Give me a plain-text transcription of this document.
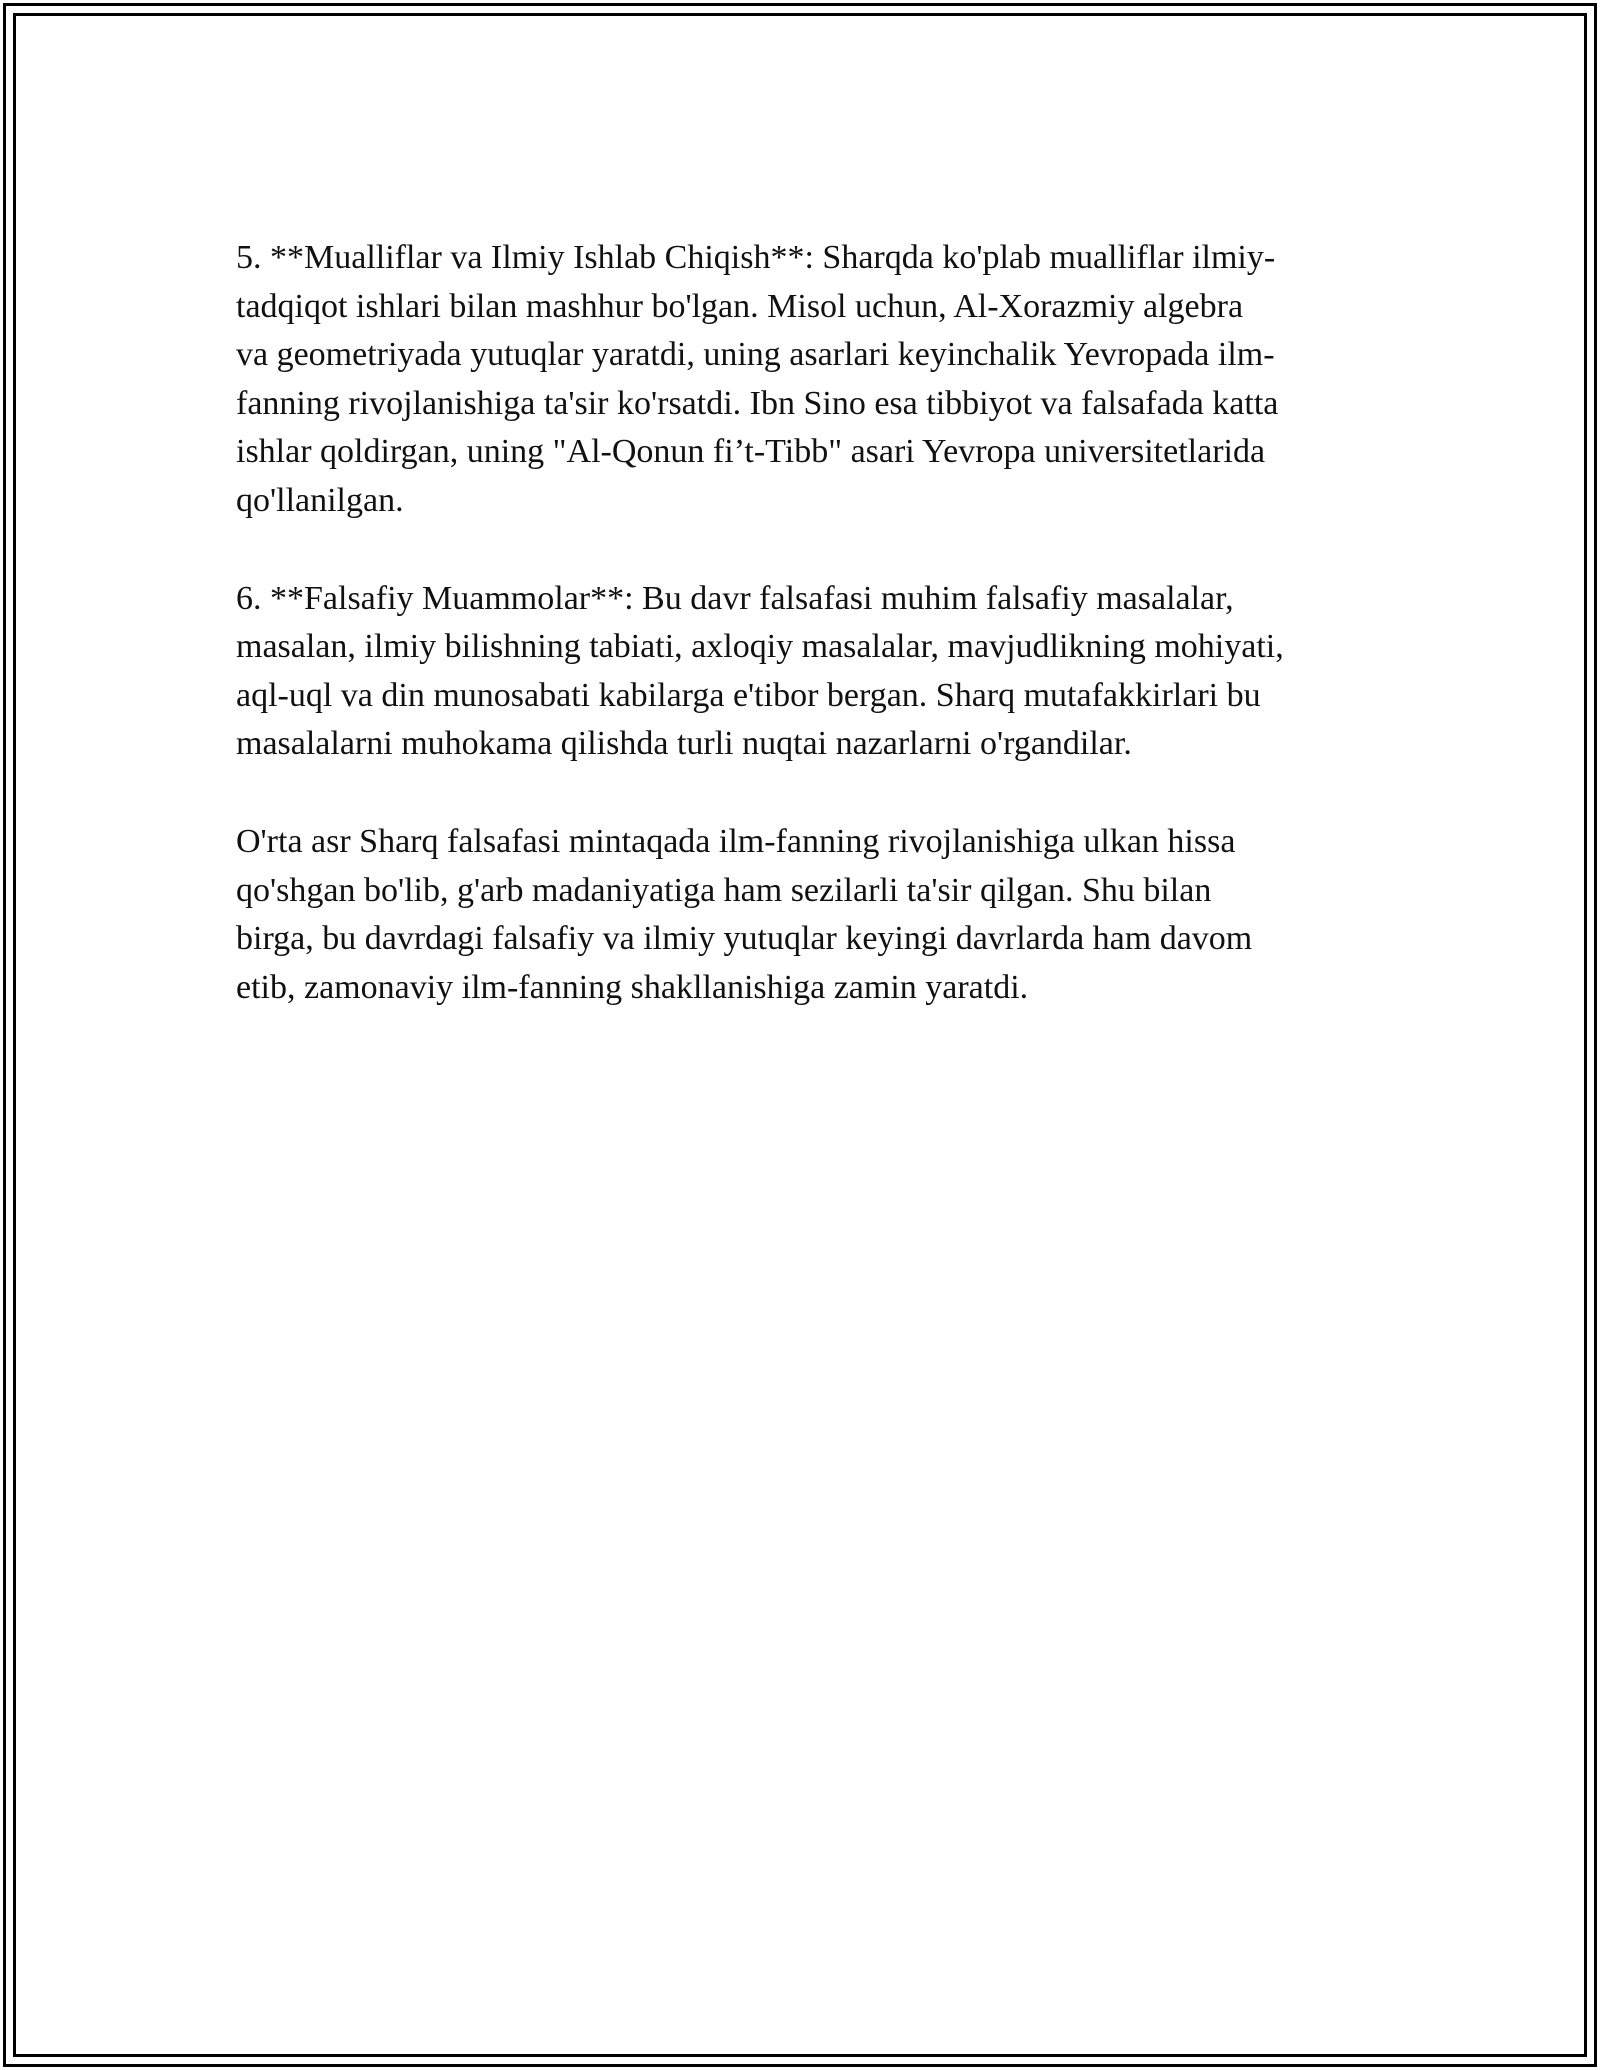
5. **Mualliflar va Ilmiy Ishlab Chiqish**: Sharqda ko'plab mualliflar ilmiy-
tadqiqot ishlari bilan mashhur bo'lgan. Misol uchun, Al-Xorazmiy algebra
va geometriyada yutuqlar yaratdi, uning asarlari keyinchalik Yevropada ilm-
fanning rivojlanishiga ta'sir ko'rsatdi. Ibn Sino esa tibbiyot va falsafada katta
ishlar qoldirgan, uning "Al-Qonun fi’t-Tibb" asari Yevropa universitetlarida
qo'llanilgan.

6. **Falsafiy Muammolar**: Bu davr falsafasi muhim falsafiy masalalar,
masalan, ilmiy bilishning tabiati, axloqiy masalalar, mavjudlikning mohiyati,
aql-uql va din munosabati kabilarga e'tibor bergan. Sharq mutafakkirlari bu
masalalarni muhokama qilishda turli nuqtai nazarlarni o'rgandilar.

O'rta asr Sharq falsafasi mintaqada ilm-fanning rivojlanishiga ulkan hissa
qo'shgan bo'lib, g'arb madaniyatiga ham sezilarli ta'sir qilgan. Shu bilan
birga, bu davrdagi falsafiy va ilmiy yutuqlar keyingi davrlarda ham davom
etib, zamonaviy ilm-fanning shakllanishiga zamin yaratdi.
